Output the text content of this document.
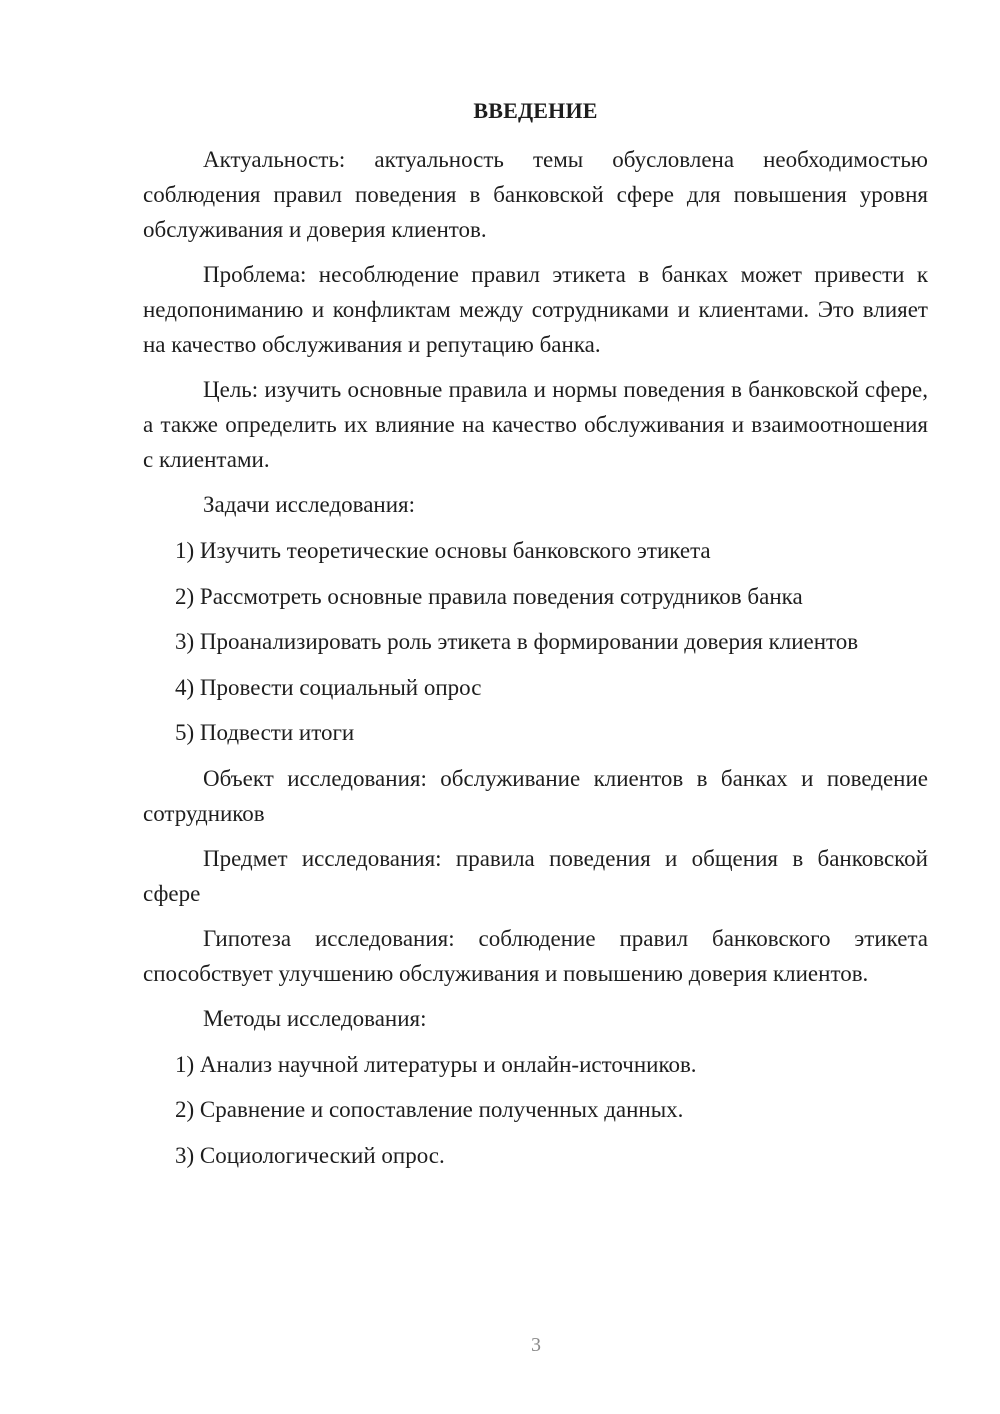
ВВЕДЕНИЕ

Актуальность: актуальность темы обусловлена необходимостью соблюдения правил поведения в банковской сфере для повышения уровня обслуживания и доверия клиентов.

Проблема: несоблюдение правил этикета в банках может привести к недопониманию и конфликтам между сотрудниками и клиентами. Это влияет на качество обслуживания и репутацию банка.

Цель: изучить основные правила и нормы поведения в банковской сфере, а также определить их влияние на качество обслуживания и взаимоотношения с клиентами.

Задачи исследования:

1) Изучить теоретические основы банковского этикета
2) Рассмотреть основные правила поведения сотрудников банка
3) Проанализировать роль этикета в формировании доверия клиентов
4) Провести социальный опрос
5) Подвести итоги

Объект исследования: обслуживание клиентов в банках и поведение сотрудников

Предмет исследования: правила поведения и общения в банковской сфере

Гипотеза исследования: соблюдение правил банковского этикета способствует улучшению обслуживания и повышению доверия клиентов.

Методы исследования:

1) Анализ научной литературы и онлайн-источников.
2) Сравнение и сопоставление полученных данных.
3) Социологический опрос.
3
